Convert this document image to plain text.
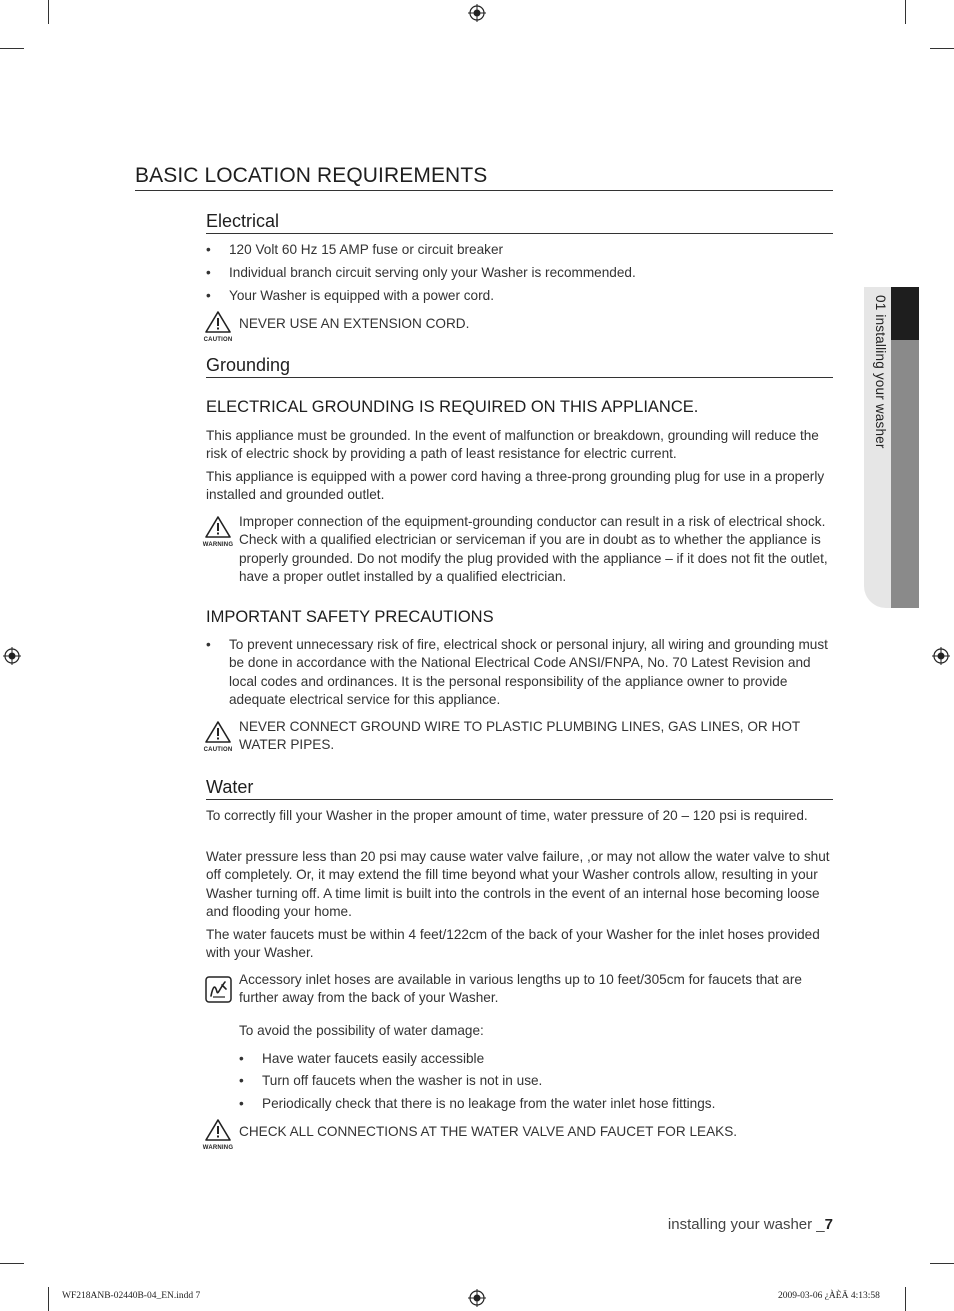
01 installing your washer
BASIC LOCATION REQUIREMENTS
Electrical
• 120 Volt 60 Hz 15 AMP fuse or circuit breaker
• Individual branch circuit serving only your Washer is recommended.
• Your Washer is equipped with a power cord.
CAUTION
NEVER USE AN EXTENSION CORD.
Grounding
ELECTRICAL GROUNDING IS REQUIRED ON THIS APPLIANCE.
This appliance must be grounded. In the event of malfunction or breakdown, grounding will reduce the risk of electric shock by providing a path of least resistance for electric current.
This appliance is equipped with a power cord having a three-prong grounding plug for use in a properly installed and grounded outlet.
WARNING
Improper connection of the equipment-grounding conductor can result in a risk of electrical shock. Check with a qualified electrician or serviceman if you are in doubt as to whether the appliance is properly grounded. Do not modify the plug provided with the appliance – if it does not fit the outlet, have a proper outlet installed by a qualified electrician.
IMPORTANT SAFETY PRECAUTIONS
• To prevent unnecessary risk of fire, electrical shock or personal injury, all wiring and grounding must be done in accordance with the National Electrical Code ANSI/FNPA, No. 70 Latest Revision and local codes and ordinances. It is the personal responsibility of the appliance owner to provide adequate electrical service for this appliance.
CAUTION
NEVER CONNECT GROUND WIRE TO PLASTIC PLUMBING LINES, GAS LINES, OR HOT WATER PIPES.
Water
To correctly fill your Washer in the proper amount of time, water pressure of 20 – 120 psi is required.
Water pressure less than 20 psi may cause water valve failure, ,or may not allow the water valve to shut off completely. Or, it may extend the fill time beyond what your Washer controls allow, resulting in your Washer turning off. A time limit is built into the controls in the event of an internal hose becoming loose and flooding your home.
The water faucets must be within 4 feet/122cm of the back of your Washer for the inlet hoses provided with your Washer.
Accessory inlet hoses are available in various lengths up to 10 feet/305cm for faucets that are further away from the back of your Washer.
To avoid the possibility of water damage:
• Have water faucets easily accessible
• Turn off faucets when the washer is not in use.
• Periodically check that there is no leakage from the water inlet hose fittings.
WARNING
CHECK ALL CONNECTIONS AT THE WATER VALVE AND FAUCET FOR LEAKS.
installing your washer _7
WF218ANB-02440B-04_EN.indd 7	2009-03-06 ¿ÀÈÄ 4:13:58
